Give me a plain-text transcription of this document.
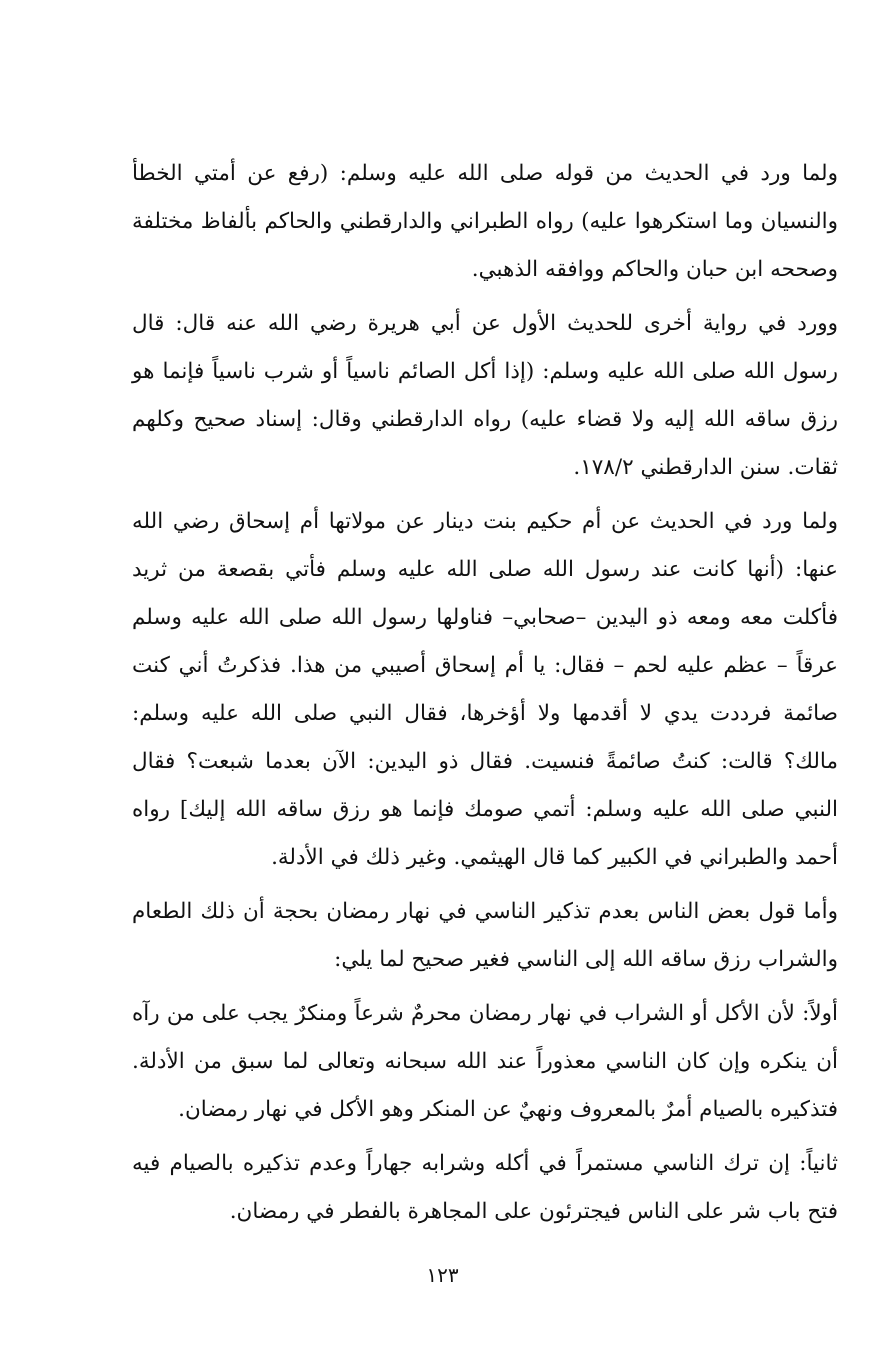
ولما ورد في الحديث من قوله صلى الله عليه وسلم: (رفع عن أمتي الخطأ والنسيان وما استكرهوا عليه) رواه الطبراني والدارقطني والحاكم بألفاظ مختلفة وصححه ابن حبان والحاكم ووافقه الذهبي.

وورد في رواية أخرى للحديث الأول عن أبي هريرة رضي الله عنه قال: قال رسول الله صلى الله عليه وسلم: (إذا أكل الصائم ناسياً أو شرب ناسياً فإنما هو رزق ساقه الله إليه ولا قضاء عليه) رواه الدارقطني وقال: إسناد صحيح وكلهم ثقات. سنن الدارقطني ١٧٨/٢.

ولما ورد في الحديث عن أم حكيم بنت دينار عن مولاتها أم إسحاق رضي الله عنها: (أنها كانت عند رسول الله صلى الله عليه وسلم فأتي بقصعة من ثريد فأكلت معه ومعه ذو اليدين –صحابي– فناولها رسول الله صلى الله عليه وسلم عرقاً – عظم عليه لحم – فقال: يا أم إسحاق أصيبي من هذا. فذكرتُ أني كنت صائمة فرددت يدي لا أقدمها ولا أؤخرها، فقال النبي صلى الله عليه وسلم: مالك؟ قالت: كنتُ صائمةً فنسيت. فقال ذو اليدين: الآن بعدما شبعت؟ فقال النبي صلى الله عليه وسلم: أتمي صومك فإنما هو رزق ساقه الله إليك] رواه أحمد والطبراني في الكبير كما قال الهيثمي. وغير ذلك في الأدلة.

وأما قول بعض الناس بعدم تذكير الناسي في نهار رمضان بحجة أن ذلك الطعام والشراب رزق ساقه الله إلى الناسي فغير صحيح لما يلي:

أولاً: لأن الأكل أو الشراب في نهار رمضان محرمٌ شرعاً ومنكرٌ يجب على من رآه أن ينكره وإن كان الناسي معذوراً عند الله سبحانه وتعالى لما سبق من الأدلة. فتذكيره بالصيام أمرٌ بالمعروف ونهيٌ عن المنكر وهو الأكل في نهار رمضان.

ثانياً: إن ترك الناسي مستمراً في أكله وشرابه جهاراً وعدم تذكيره بالصيام فيه فتح باب شر على الناس فيجترئون على المجاهرة بالفطر في رمضان.

١٢٣
